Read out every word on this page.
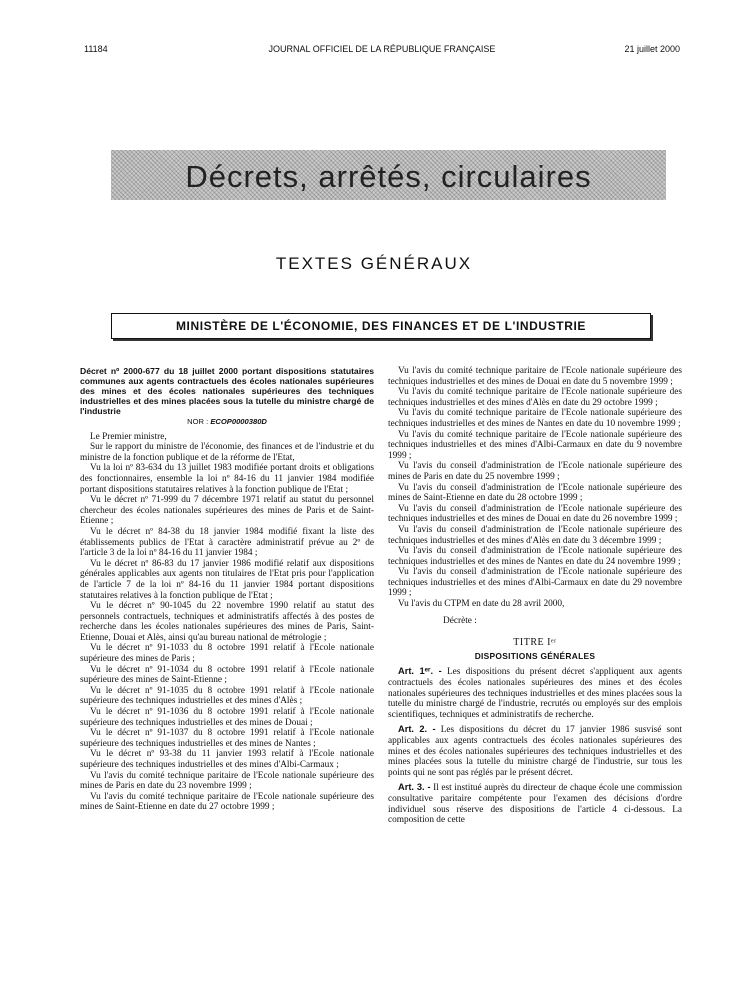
11184	JOURNAL OFFICIEL DE LA RÉPUBLIQUE FRANÇAISE	21 juillet 2000
Décrets, arrêtés, circulaires
TEXTES GÉNÉRAUX
MINISTÈRE DE L'ÉCONOMIE, DES FINANCES ET DE L'INDUSTRIE

Décret nº 2000-677 du 18 juillet 2000 portant dispositions statutaires communes aux agents contractuels des écoles nationales supérieures des mines et des écoles nationales supérieures des techniques industrielles et des mines placées sous la tutelle du ministre chargé de l'industrie

NOR : ECOP0000380D

Le Premier ministre,

Sur le rapport du ministre de l'économie, des finances et de l'industrie et du ministre de la fonction publique et de la réforme de l'Etat,

Vu la loi nº 83-634 du 13 juillet 1983 modifiée portant droits et obligations des fonctionnaires, ensemble la loi nº 84-16 du 11 janvier 1984 modifiée portant dispositions statutaires relatives à la fonction publique de l'Etat ;

Vu le décret nº 71-999 du 7 décembre 1971 relatif au statut du personnel chercheur des écoles nationales supérieures des mines de Paris et de Saint-Etienne ;

Vu le décret nº 84-38 du 18 janvier 1984 modifié fixant la liste des établissements publics de l'Etat à caractère administratif prévue au 2º de l'article 3 de la loi nº 84-16 du 11 janvier 1984 ;

Vu le décret nº 86-83 du 17 janvier 1986 modifié relatif aux dispositions générales applicables aux agents non titulaires de l'Etat pris pour l'application de l'article 7 de la loi nº 84-16 du 11 janvier 1984 portant dispositions statutaires relatives à la fonction publique de l'Etat ;

Vu le décret nº 90-1045 du 22 novembre 1990 relatif au statut des personnels contractuels, techniques et administratifs affectés à des postes de recherche dans les écoles nationales supérieures des mines de Paris, Saint-Etienne, Douai et Alès, ainsi qu'au bureau national de métrologie ;

Vu le décret nº 91-1033 du 8 octobre 1991 relatif à l'Ecole nationale supérieure des mines de Paris ;

Vu le décret nº 91-1034 du 8 octobre 1991 relatif à l'Ecole nationale supérieure des mines de Saint-Etienne ;

Vu le décret nº 91-1035 du 8 octobre 1991 relatif à l'Ecole nationale supérieure des techniques industrielles et des mines d'Alès ;

Vu le décret nº 91-1036 du 8 octobre 1991 relatif à l'Ecole nationale supérieure des techniques industrielles et des mines de Douai ;

Vu le décret nº 91-1037 du 8 octobre 1991 relatif à l'Ecole nationale supérieure des techniques industrielles et des mines de Nantes ;

Vu le décret nº 93-38 du 11 janvier 1993 relatif à l'Ecole nationale supérieure des techniques industrielles et des mines d'Albi-Carmaux ;

Vu l'avis du comité technique paritaire de l'Ecole nationale supérieure des mines de Paris en date du 23 novembre 1999 ;

Vu l'avis du comité technique paritaire de l'Ecole nationale supérieure des mines de Saint-Etienne en date du 27 octobre 1999 ;

Vu l'avis du comité technique paritaire de l'Ecole nationale supérieure des techniques industrielles et des mines de Douai en date du 5 novembre 1999 ;

Vu l'avis du comité technique paritaire de l'Ecole nationale supérieure des techniques industrielles et des mines d'Alès en date du 29 octobre 1999 ;

Vu l'avis du comité technique paritaire de l'Ecole nationale supérieure des techniques industrielles et des mines de Nantes en date du 10 novembre 1999 ;

Vu l'avis du comité technique paritaire de l'Ecole nationale supérieure des techniques industrielles et des mines d'Albi-Carmaux en date du 9 novembre 1999 ;

Vu l'avis du conseil d'administration de l'Ecole nationale supérieure des mines de Paris en date du 25 novembre 1999 ;

Vu l'avis du conseil d'administration de l'Ecole nationale supérieure des mines de Saint-Etienne en date du 28 octobre 1999 ;

Vu l'avis du conseil d'administration de l'Ecole nationale supérieure des techniques industrielles et des mines de Douai en date du 26 novembre 1999 ;

Vu l'avis du conseil d'administration de l'Ecole nationale supérieure des techniques industrielles et des mines d'Alès en date du 3 décembre 1999 ;

Vu l'avis du conseil d'administration de l'Ecole nationale supérieure des techniques industrielles et des mines de Nantes en date du 24 novembre 1999 ;

Vu l'avis du conseil d'administration de l'Ecole nationale supérieure des techniques industrielles et des mines d'Albi-Carmaux en date du 29 novembre 1999 ;

Vu l'avis du CTPM en date du 28 avril 2000,

Décrète :

TITRE Iᵉʳ
DISPOSITIONS GÉNÉRALES

Art. 1ᵉʳ. - Les dispositions du présent décret s'appliquent aux agents contractuels des écoles nationales supérieures des mines et des écoles nationales supérieures des techniques industrielles et des mines placées sous la tutelle du ministre chargé de l'industrie, recrutés ou employés sur des emplois scientifiques, techniques et administratifs de recherche.

Art. 2. - Les dispositions du décret du 17 janvier 1986 susvisé sont applicables aux agents contractuels des écoles nationales supérieures des mines et des écoles nationales supérieures des techniques industrielles et des mines placées sous la tutelle du ministre chargé de l'industrie, sur tous les points qui ne sont pas réglés par le présent décret.

Art. 3. - Il est institué auprès du directeur de chaque école une commission consultative paritaire compétente pour l'examen des décisions d'ordre individuel sous réserve des dispositions de l'article 4 ci-dessous. La composition de cette
